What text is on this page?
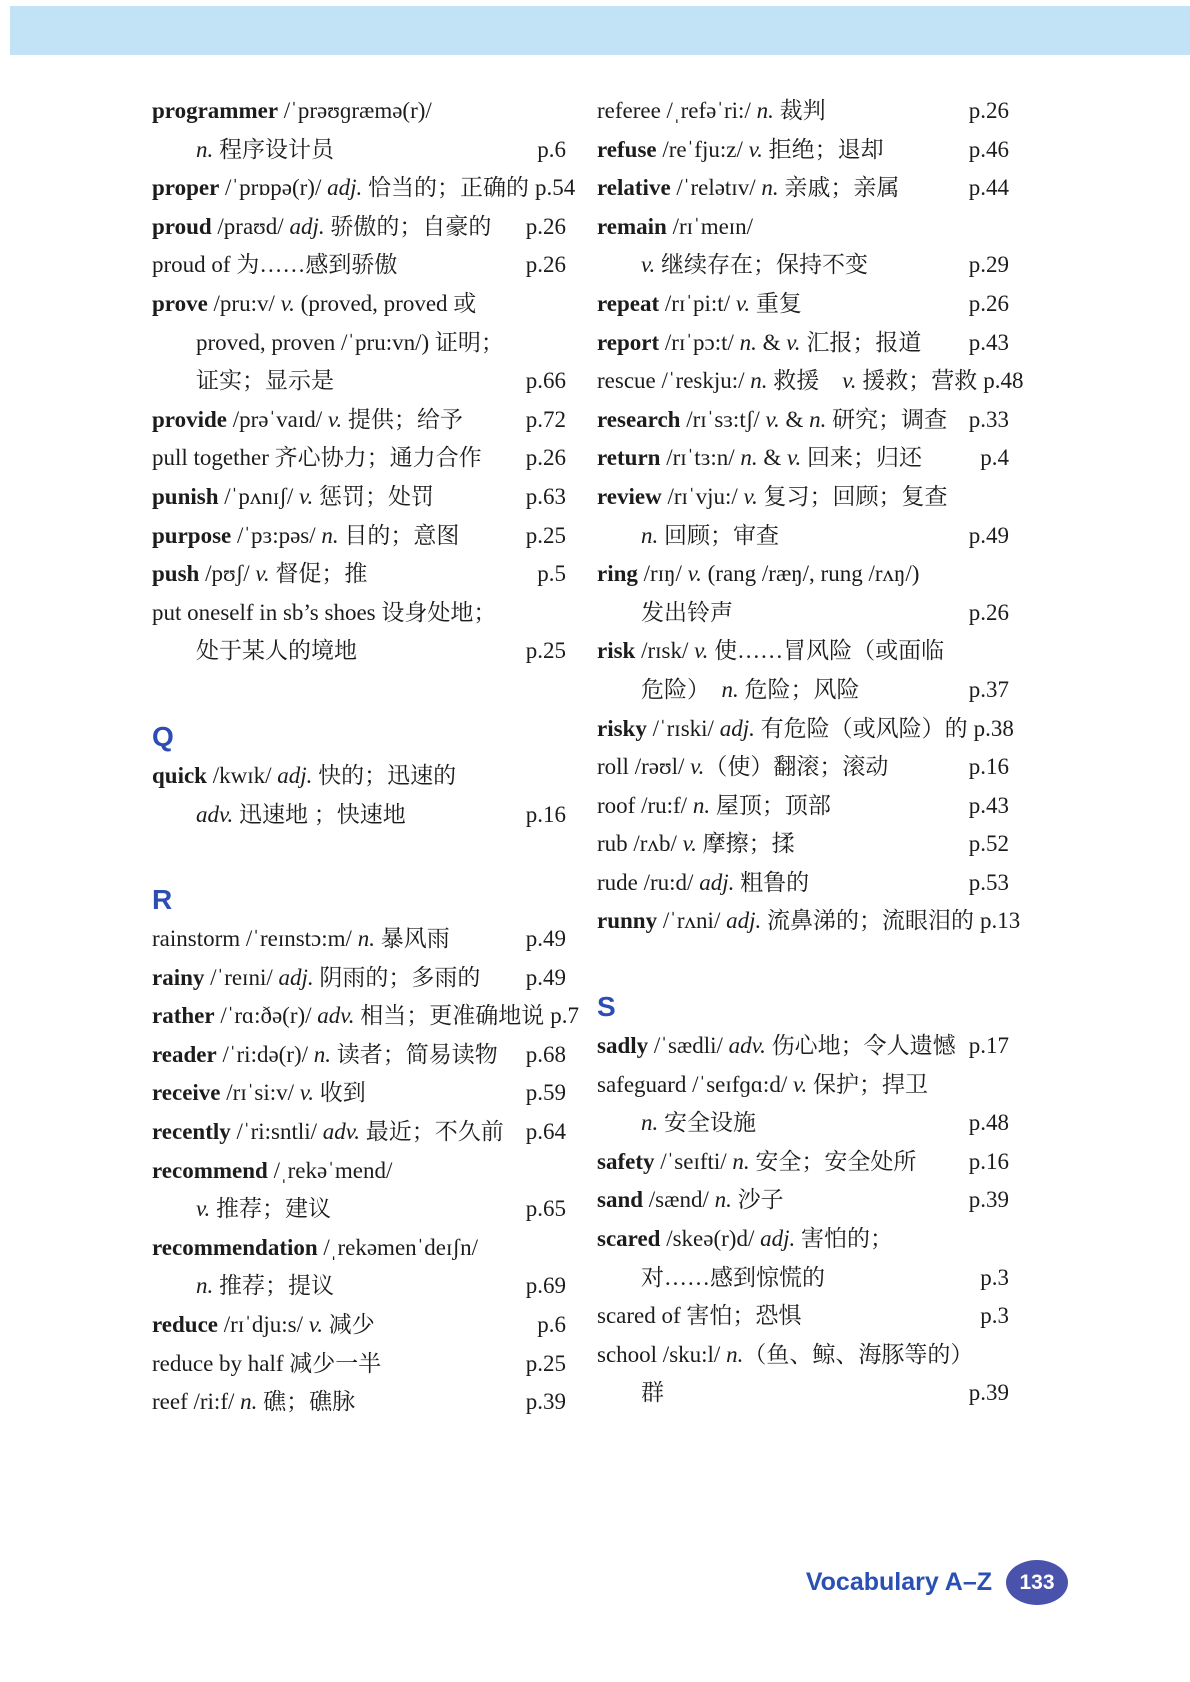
programmer /ˈprəʊɡræmə(r)/
n. 程序设计员	p.6
proper /ˈprɒpə(r)/ adj. 恰当的；正确的 p.54
proud /praʊd/ adj. 骄傲的；自豪的 p.26
proud of 为……感到骄傲	p.26
prove /pru:v/ v. (proved, proved 或
proved, proven /ˈpru:vn/) 证明；
证实；显示是	p.66
provide /prəˈvaɪd/ v. 提供；给予	p.72
pull together 齐心协力；通力合作 p.26
punish /ˈpʌnɪʃ/ v. 惩罚；处罚	p.63
purpose /ˈpɜ:pəs/ n. 目的；意图	p.25
push /pʊʃ/ v. 督促；推	p.5
put oneself in sb’s shoes 设身处地；
处于某人的境地	p.25
Q
quick /kwɪk/ adj. 快的；迅速的
adv. 迅速地 ；快速地	p.16
R
rainstorm /ˈreɪnstɔ:m/ n. 暴风雨	p.49
rainy /ˈreɪni/ adj. 阴雨的；多雨的 p.49
rather /ˈrɑ:ðə(r)/ adv. 相当；更准确地说 p.7
reader /ˈri:də(r)/ n. 读者；简易读物 p.68
receive /rɪˈsi:v/ v. 收到	p.59
recently /ˈri:sntli/ adv. 最近；不久前 p.64
recommend /ˌrekəˈmend/
v. 推荐；建议	p.65
recommendation /ˌrekəmenˈdeɪʃn/
n. 推荐；提议	p.69
reduce /rɪˈdju:s/ v. 减少	p.6
reduce by half 减少一半	p.25
reef /ri:f/ n. 礁；礁脉	p.39
referee /ˌrefəˈri:/ n. 裁判	p.26
refuse /reˈfju:z/ v. 拒绝；退却	p.46
relative /ˈrelətɪv/ n. 亲戚；亲属	p.44
remain /rɪˈmeɪn/
v. 继续存在；保持不变	p.29
repeat /rɪˈpi:t/ v. 重复	p.26
report /rɪˈpɔ:t/ n. & v. 汇报；报道 p.43
rescue /ˈreskju:/ n. 救援　v. 援救；营救 p.48
research /rɪˈsɜ:tʃ/ v. & n. 研究；调查 p.33
return /rɪˈtɜ:n/ n. & v. 回来；归还	p.4
review /rɪˈvju:/ v. 复习；回顾；复查
n. 回顾；审查	p.49
ring /rɪŋ/ v. (rang /ræŋ/, rung /rʌŋ/)
发出铃声	p.26
risk /rɪsk/ v. 使……冒风险（或面临
危险）　n. 危险；风险	p.37
risky /ˈrɪski/ adj. 有危险（或风险）的 p.38
roll /rəʊl/ v.（使）翻滚；滚动	p.16
roof /ru:f/ n. 屋顶；顶部	p.43
rub /rʌb/ v. 摩擦；揉	p.52
rude /ru:d/ adj. 粗鲁的	p.53
runny /ˈrʌni/ adj. 流鼻涕的；流眼泪的 p.13
S
sadly /ˈsædli/ adv. 伤心地；令人遗憾 p.17
safeguard /ˈseɪfɡɑ:d/ v. 保护；捍卫
n. 安全设施	p.48
safety /ˈseɪfti/ n. 安全；安全处所 p.16
sand /sænd/ n. 沙子	p.39
scared /skeə(r)d/ adj. 害怕的；
对……感到惊慌的	p.3
scared of 害怕；恐惧	p.3
school /sku:l/ n.（鱼、鲸、海豚等的）
群	p.39
Vocabulary A–Z	133
